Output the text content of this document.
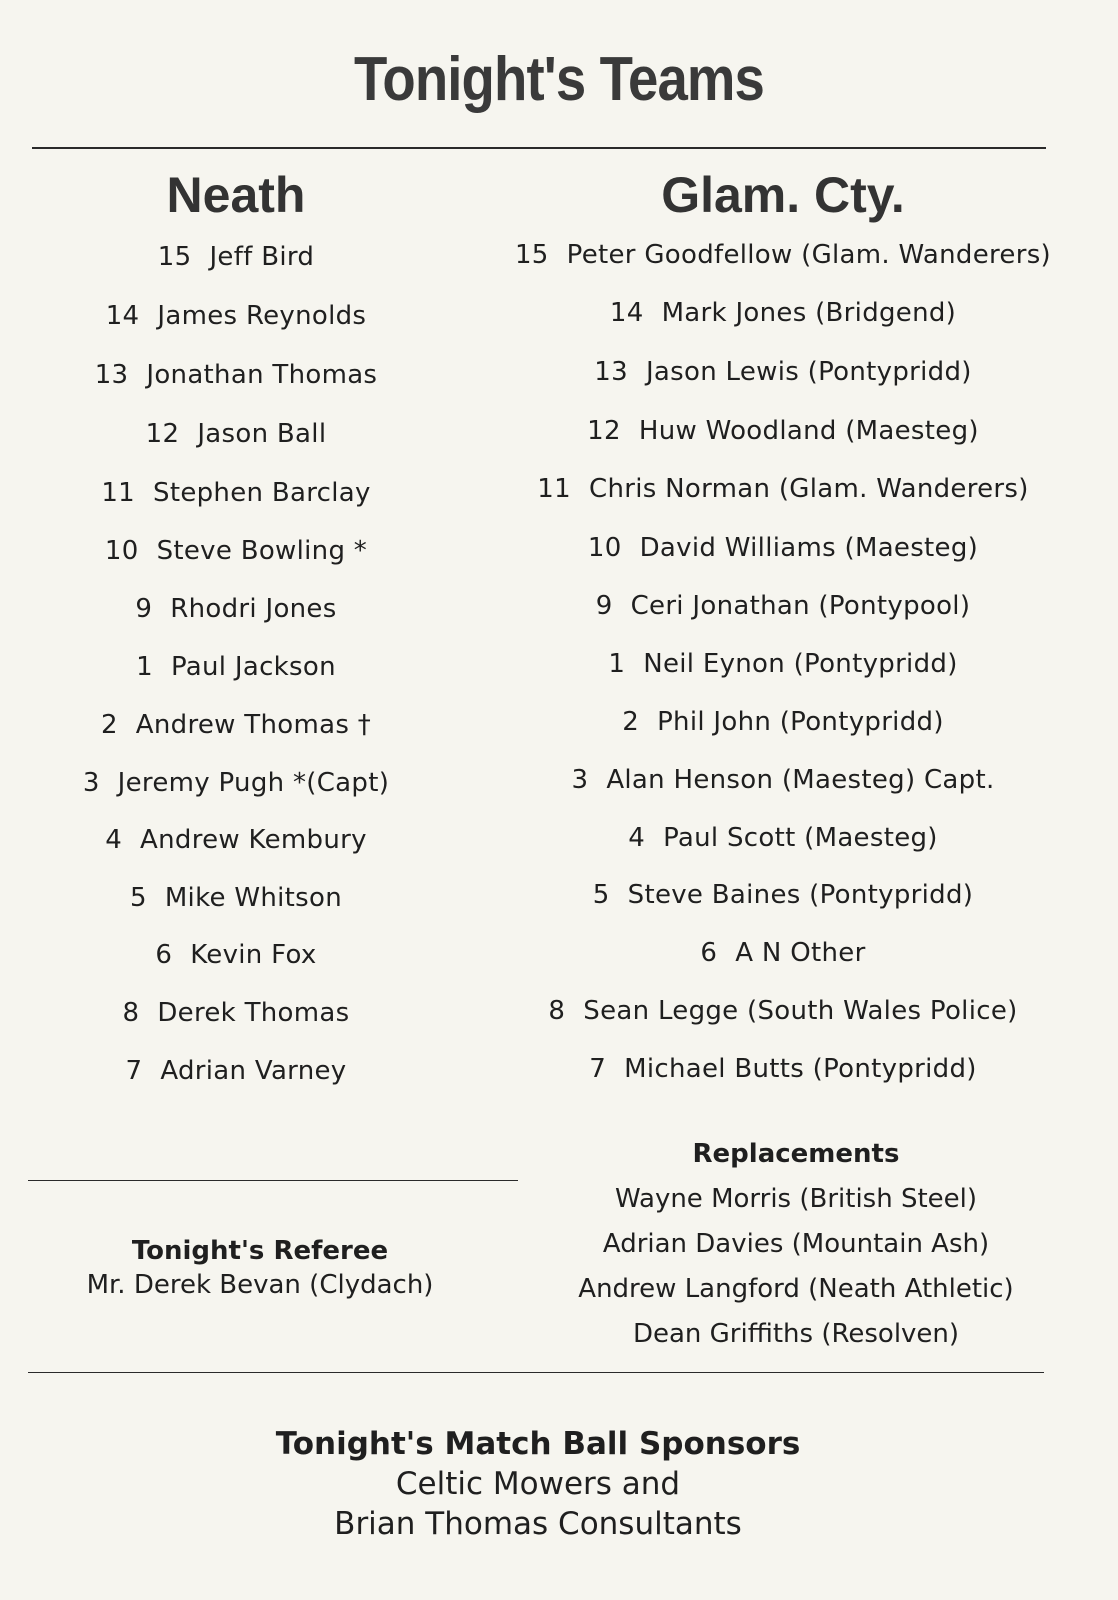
Tonight's Teams
Neath
15 Jeff Bird
14 James Reynolds
13 Jonathan Thomas
12 Jason Ball
11 Stephen Barclay
10 Steve Bowling *
9 Rhodri Jones
1 Paul Jackson
2 Andrew Thomas †
3 Jeremy Pugh *(Capt)
4 Andrew Kembury
5 Mike Whitson
6 Kevin Fox
8 Derek Thomas
7 Adrian Varney
Glam. Cty.
15 Peter Goodfellow (Glam. Wanderers)
14 Mark Jones (Bridgend)
13 Jason Lewis (Pontypridd)
12 Huw Woodland (Maesteg)
11 Chris Norman (Glam. Wanderers)
10 David Williams (Maesteg)
9 Ceri Jonathan (Pontypool)
1 Neil Eynon (Pontypridd)
2 Phil John (Pontypridd)
3 Alan Henson (Maesteg) Capt.
4 Paul Scott (Maesteg)
5 Steve Baines (Pontypridd)
6 A N Other
8 Sean Legge (South Wales Police)
7 Michael Butts (Pontypridd)
Replacements
Wayne Morris (British Steel)
Adrian Davies (Mountain Ash)
Andrew Langford (Neath Athletic)
Dean Griffiths (Resolven)
Tonight's Referee
Mr. Derek Bevan (Clydach)
Tonight's Match Ball Sponsors
Celtic Mowers and
Brian Thomas Consultants
